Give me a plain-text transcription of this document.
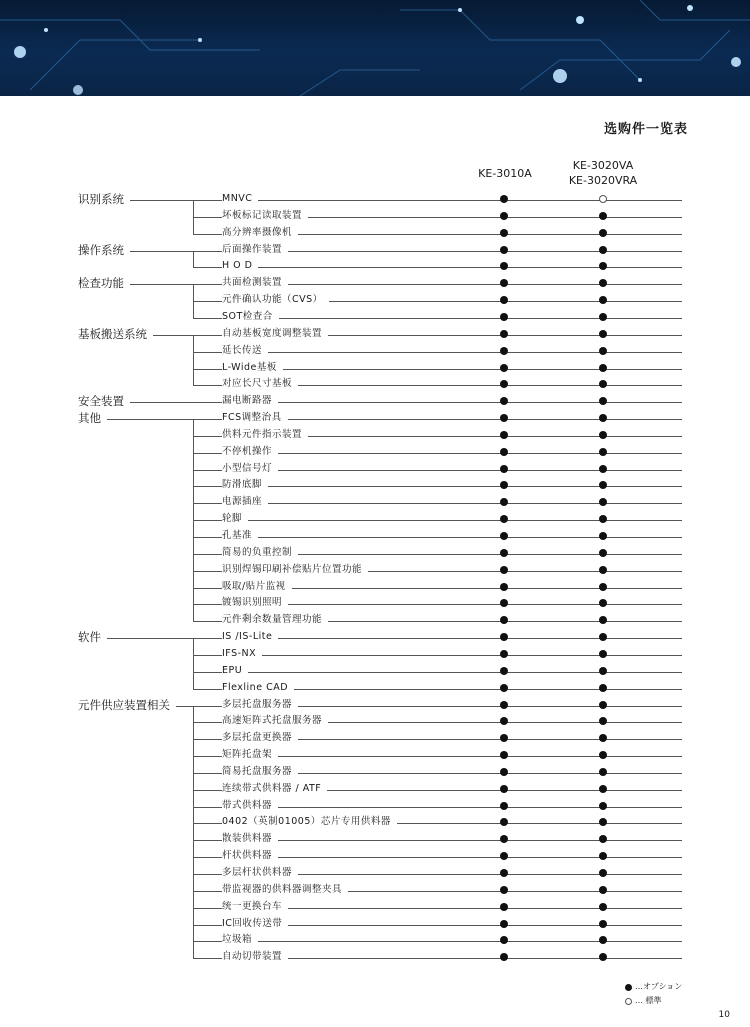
选购件一览表
KE-3010A
KE-3020VA
KE-3020VRA
MNVC
坏板标记读取装置
高分辨率摄像机
识别系统
后面操作装置
H O D
操作系统
共面检测装置
元件确认功能（CVS）
SOT检查合
检查功能
自动基板宽度调整装置
延长传送
L-Wide基板
对应长尺寸基板
基板搬送系统
漏电断路器
安全装置
FCS调整治具
供料元件指示装置
不停机操作
小型信号灯
防滑底脚
电源插座
轮脚
孔基准
简易的负重控制
识别焊锡印刷补偿贴片位置功能
吸取/贴片监视
镀锡识别照明
元件剩余数量管理功能
其他
IS /IS-Lite
IFS-NX
EPU
Flexline CAD
软件
多层托盘服务器
高速矩阵式托盘服务器
多层托盘更换器
矩阵托盘架
简易托盘服务器
连续带式供料器 / ATF
带式供料器
0402（英制01005）芯片专用供料器
散装供料器
杆状供料器
多层杆状供料器
带监视器的供料器调整夹具
统一更换台车
IC回收传送带
垃圾箱
自动切带装置
元件供应装置相关
…オプション
… 標準
10
